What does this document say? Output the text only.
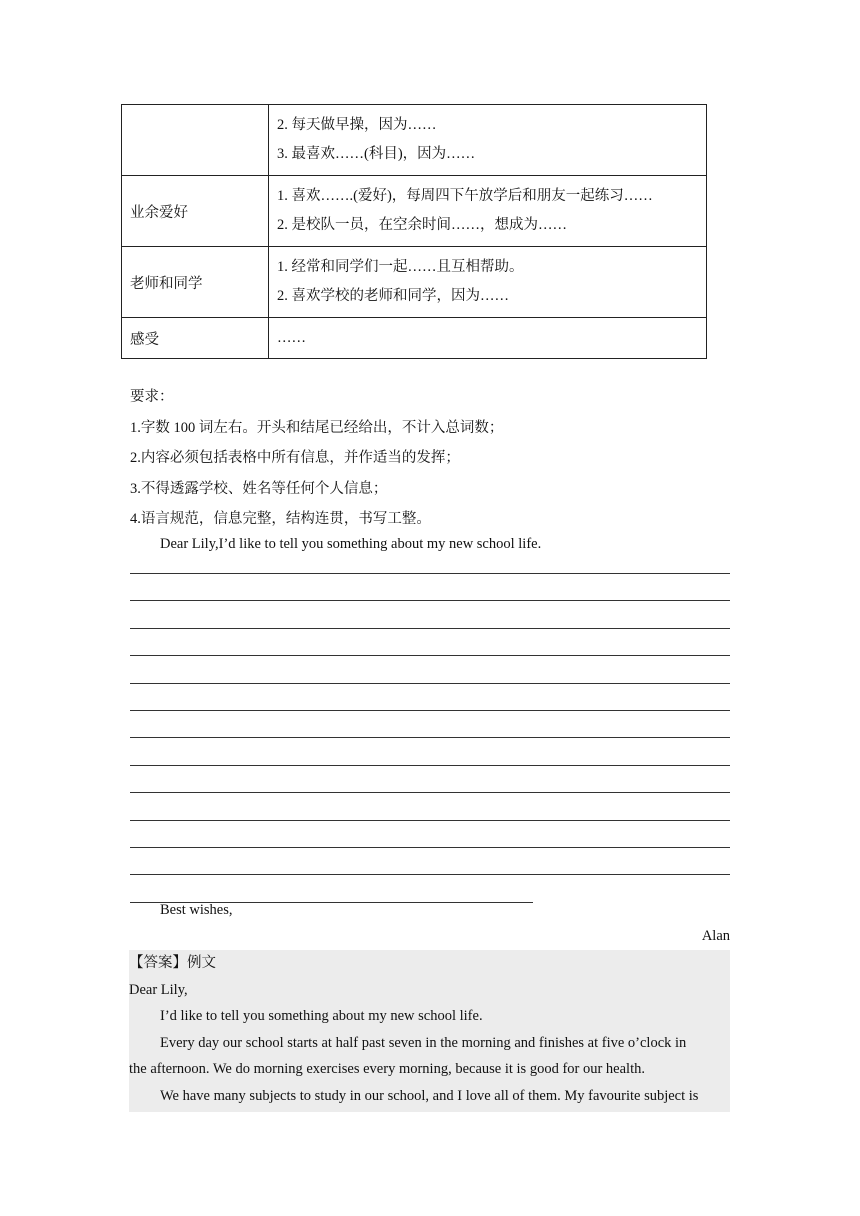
	2. 每天做早操，因为……
3. 最喜欢……(科目)，因为……

业余爱好	1. 喜欢…….(爱好)，每周四下午放学后和朋友一起练习……
2. 是校队一员，在空余时间……，想成为……

老师和同学	1. 经常和同学们一起……且互相帮助。
2. 喜欢学校的老师和同学，因为……

感受	……
要求：
1.字数 100 词左右。开头和结尾已经给出，不计入总词数；
2.内容必须包括表格中所有信息，并作适当的发挥；
3.不得透露学校、姓名等任何个人信息；
4.语言规范，信息完整，结构连贯，书写工整。
Dear Lily,I’d like to tell you something about my new school life.
Best wishes,
Alan
【答案】例文
Dear Lily,
I’d like to tell you something about my new school life.
Every day our school starts at half past seven in the morning and finishes at five o’clock in
the afternoon. We do morning exercises every morning, because it is good for our health.
We have many subjects to study in our school, and I love all of them. My favourite subject is
